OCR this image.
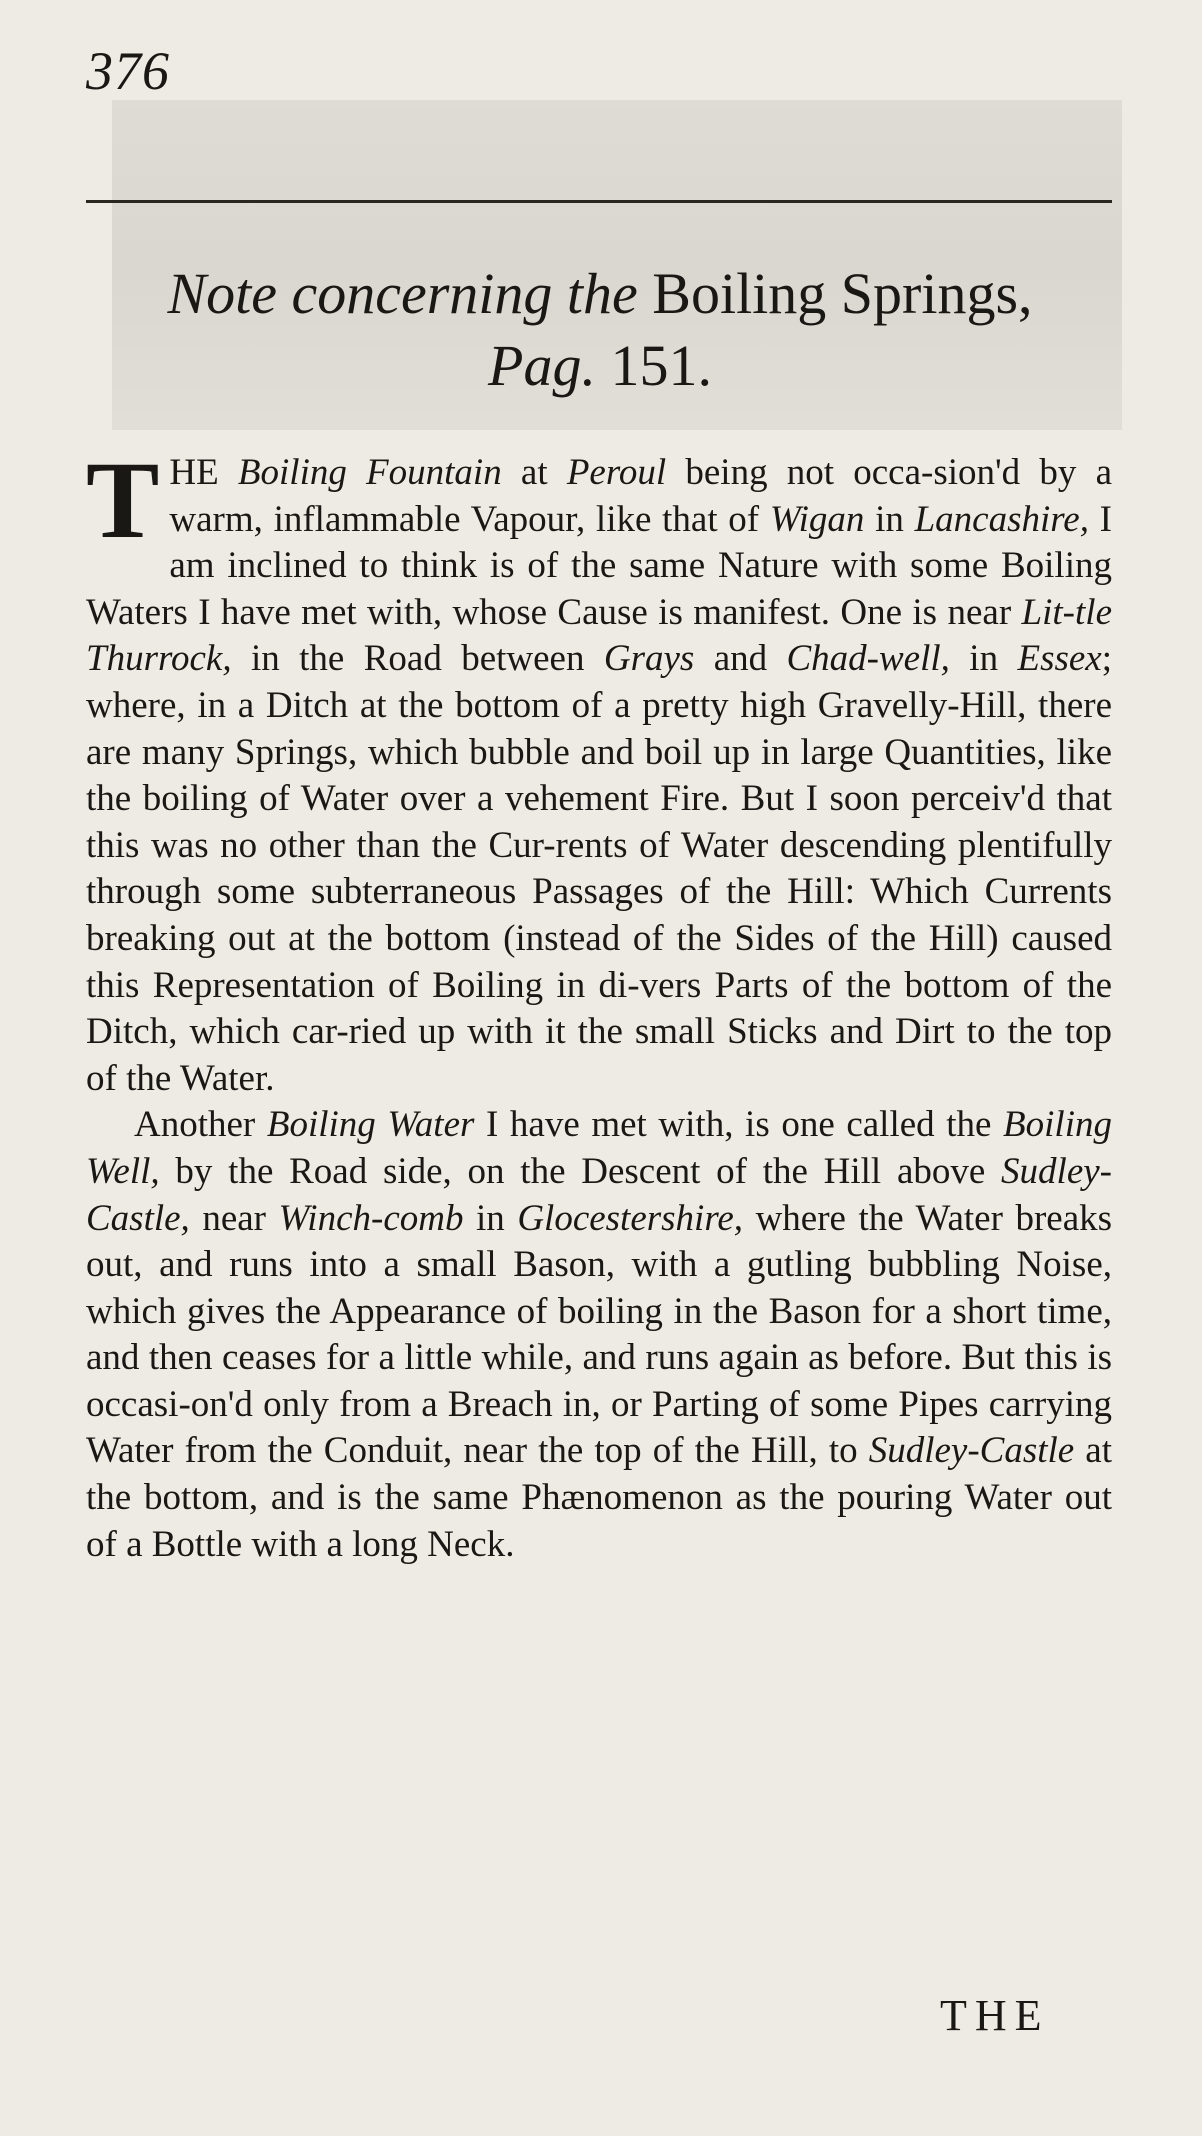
376
Note concerning the Boiling Springs,
Pag. 151.

THE Boiling Fountain at Peroul being not occa-sion'd by a warm, inflammable Vapour, like that of Wigan in Lancashire, I am inclined to think is of the same Nature with some Boiling Waters I have met with, whose Cause is manifest. One is near Lit-tle Thurrock, in the Road between Grays and Chad-well, in Essex; where, in a Ditch at the bottom of a pretty high Gravelly-Hill, there are many Springs, which bubble and boil up in large Quantities, like the boiling of Water over a vehement Fire. But I soon perceiv'd that this was no other than the Cur-rents of Water descending plentifully through some subterraneous Passages of the Hill: Which Currents breaking out at the bottom (instead of the Sides of the Hill) caused this Representation of Boiling in di-vers Parts of the bottom of the Ditch, which car-ried up with it the small Sticks and Dirt to the top of the Water.

Another Boiling Water I have met with, is one called the Boiling Well, by the Road side, on the Descent of the Hill above Sudley-Castle, near Winch-comb in Glocestershire, where the Water breaks out, and runs into a small Bason, with a gutling bubbling Noise, which gives the Appearance of boiling in the Bason for a short time, and then ceases for a little while, and runs again as before. But this is occasi-on'd only from a Breach in, or Parting of some Pipes carrying Water from the Conduit, near the top of the Hill, to Sudley-Castle at the bottom, and is the same Phænomenon as the pouring Water out of a Bottle with a long Neck.

THE
